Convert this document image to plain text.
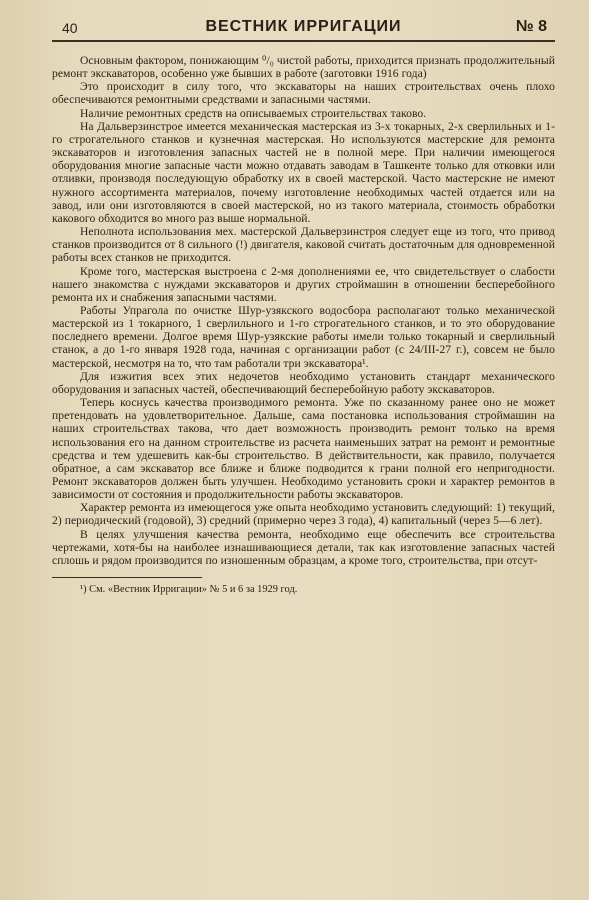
40	ВЕСТНИК ИРРИГАЦИИ	№ 8

Основным фактором, понижающим ⁰/₀ чистой работы, приходится признать продолжительный ремонт экскаваторов, особенно уже бывших в работе (заготовки 1916 года)

Это происходит в силу того, что экскаваторы на наших строительствах очень плохо обеспечиваются ремонтными средствами и запасными частями.

Наличие ремонтных средств на описываемых строительствах таково.

На Дальверзинстрое имеется механическая мастерская из 3-х токарных, 2-х сверлильных и 1-го строгательного станков и кузнечная мастерская. Но используются мастерские для ремонта экскаваторов и изготовления запасных частей не в полной мере. При наличии имеющегося оборудования многие запасные части можно отдавать заводам в Ташкенте только для отковки или отливки, производя последующую обработку их в своей мастерской. Часто мастерские не имеют нужного ассортимента материалов, почему изготовление необходимых частей отдается или на завод, или они изготовляются в своей мастерской, но из такого материала, стоимость обработки какового обходится во много раз выше нормальной.

Неполнота использования мех. мастерской Дальверзинстроя следует еще из того, что привод станков производится от 8 сильного (!) двигателя, каковой считать достаточным для одновременной работы всех станков не приходится.

Кроме того, мастерская выстроена с 2-мя дополнениями ее, что свидетельствует о слабости нашего знакомства с нуждами экскаваторов и других строймашин в отношении бесперебойного ремонта их и снабжения запасными частями.

Работы Упрагола по очистке Шур-узякского водосбора располагают только механической мастерской из 1 токарного, 1 сверлильного и 1-го строгательного станков, и то это оборудование последнего времени. Долгое время Шур-узякские работы имели только токарный и сверлильный станок, а до 1-го января 1928 года, начиная с организации работ (с 24/III-27 г.), совсем не было мастерской, несмотря на то, что там работали три экскаватора¹.

Для изжития всех этих недочетов необходимо установить стандарт механического оборудования и запасных частей, обеспечивающий бесперебойную работу экскаваторов.

Теперь коснусь качества производимого ремонта. Уже по сказанному ранее оно не может претендовать на удовлетворительное. Дальше, сама постановка использования строймашин на наших строительствах такова, что дает возможность производить ремонт только на время использования его на данном строительстве из расчета наименьших затрат на ремонт и ремонтные средства и тем удешевить как-бы строительство. В действительности, как правило, получается обратное, а сам экскаватор все ближе и ближе подводится к грани полной его непригодности. Ремонт экскаваторов должен быть улучшен. Необходимо установить сроки и характер ремонтов в зависимости от состояния и продолжительности работы экскаваторов.

Характер ремонта из имеющегося уже опыта необходимо установить следующий: 1) текущий, 2) периодический (годовой), 3) средний (примерно через 3 года), 4) капитальный (через 5—6 лет).

В целях улучшения качества ремонта, необходимо еще обеспечить все строительства чертежами, хотя-бы на наиболее изнашивающиеся детали, так как изготовление запасных частей сплошь и рядом производится по изношенным образцам, а кроме того, строительства, при отсут-

¹) См. «Вестник Ирригации» № 5 и 6 за 1929 год.
